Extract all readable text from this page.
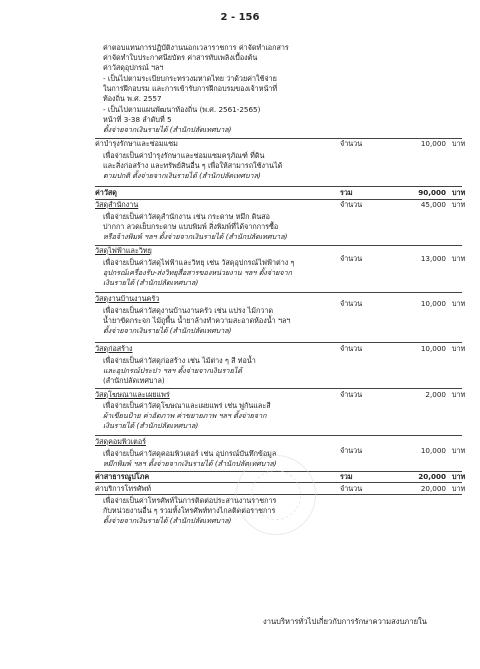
2 - 156
ค่าตอบแทนการปฏิบัติงานนอกเวลาราชการ ค่าจัดทำเอกสาร
ค่าจัดทำใบประกาศนียบัตร ค่าสารทับเพลิงเบื้องต้น
ค่าวัสดุอุปกรณ์ ฯลฯ
- เป็นไปตามระเบียบกระทรวงมหาดไทย ว่าด้วยค่าใช้จ่าย
ในการฝึกอบรม และการเข้ารับการฝึกอบรมของเจ้าหน้าที่
ท้องถิ่น พ.ศ. 2557
- เป็นไปตามแผนพัฒนาท้องถิ่น (พ.ศ. 2561-2565)
หน้าที่ 3-38 ลำดับที่ 5
ตั้งจ่ายจากเงินรายได้ (สำนักปลัดเทศบาล)
ค่าบำรุงรักษาและซ่อมแซม	จำนวน	10,000 บาท
เพื่อจ่ายเป็นค่าบำรุงรักษาและซ่อมแซมครุภัณฑ์ ที่ดิน
และสิ่งก่อสร้าง และทรัพย์สินอื่น ๆ เพื่อให้สามารถใช้งานได้
ตามปกติ ตั้งจ่ายจากเงินรายได้ (สำนักปลัดเทศบาล)
ค่าวัสดุ	รวม	90,000 บาท
วัสดุสำนักงาน	จำนวน	45,000 บาท
เพื่อจ่ายเป็นค่าวัสดุสำนักงาน เช่น กระดาษ หมึก ดินสอ
ปากกา ลวดเย็บกระดาษ แบบพิมพ์ สิ่งพิมพ์ที่ได้จากการซื้อ
หรือจ้างพิมพ์ ฯลฯ ตั้งจ่ายจากเงินรายได้ (สำนักปลัดเทศบาล)
วัสดุไฟฟ้าและวิทยุ
จำนวน	13,000 บาท
เพื่อจ่ายเป็นค่าวัสดุไฟฟ้าและวิทยุ เช่น วัสดุอุปกรณ์ไฟฟ้าต่าง ๆ
อุปกรณ์เครื่องรับ-ส่งวิทยุสื่อสารของหน่วยงาน ฯลฯ ตั้งจ่ายจาก
เงินรายได้ (สำนักปลัดเทศบาล)
วัสดุงานบ้านงานครัว
จำนวน	10,000 บาท
เพื่อจ่ายเป็นค่าวัสดุงานบ้านงานครัว เช่น แปรง ไม้กวาด
น้ำยาขัดกระจก ไม้ถูพื้น น้ำยาล้างทำความสะอาดห้องน้ำ ฯลฯ
ตั้งจ่ายจากเงินรายได้ (สำนักปลัดเทศบาล)
วัสดุก่อสร้าง	จำนวน	10,000 บาท
เพื่อจ่ายเป็นค่าวัสดุก่อสร้าง เช่น ไม้ต่าง ๆ สี ท่อน้ำ
และอุปกรณ์ประปา ฯลฯ ตั้งจ่ายจากเงินรายได้
(สำนักปลัดเทศบาล)
วัสดุโฆษณาและเผยแพร่	จำนวน	2,000 บาท
เพื่อจ่ายเป็นค่าวัสดุโฆษณาและเผยแพร่ เช่น พู่กันและสี
ผ้าเขียนป้าย ค่าอัดภาพ ค่าขยายภาพ ฯลฯ ตั้งจ่ายจาก
เงินรายได้ (สำนักปลัดเทศบาล)
วัสดุคอมพิวเตอร์
จำนวน	10,000 บาท
เพื่อจ่ายเป็นค่าวัสดุคอมพิวเตอร์ เช่น อุปกรณ์บันทึกข้อมูล
หมึกพิมพ์ ฯลฯ ตั้งจ่ายจากเงินรายได้ (สำนักปลัดเทศบาล)
ค่าสาธารณูปโภค	รวม	20,000 บาท
ค่าบริการโทรศัพท์	จำนวน	20,000 บาท
เพื่อจ่ายเป็นค่าโทรศัพท์ในการติดต่อประสานงานราชการ
กับหน่วยงานอื่น ๆ รวมทั้งโทรศัพท์ทางไกลติดต่อราชการ
ตั้งจ่ายจากเงินรายได้ (สำนักปลัดเทศบาล)
งานบริหารทั่วไปเกี่ยวกับการรักษาความสงบภายใน
